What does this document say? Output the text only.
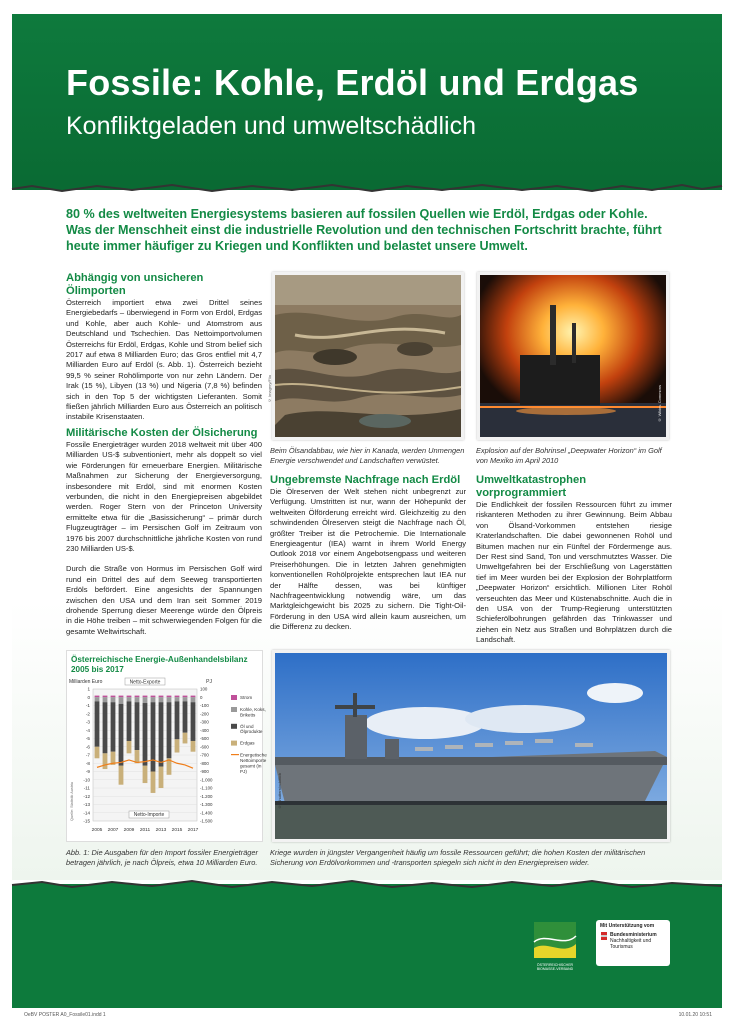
Fossile: Kohle, Erdöl und Erdgas
Konfliktgeladen und umweltschädlich
80 % des weltweiten Energiesystems basieren auf fossilen Quellen wie Erdöl, Erdgas oder Kohle. Was der Menschheit einst die industrielle Revolution und den technischen Fortschritt brachte, führt heute immer häufiger zu Kriegen und Konflikten und belastet unsere Umwelt.
Abhängig von unsicheren Ölimporten

Österreich importiert etwa zwei Drittel seines Energiebedarfs – überwiegend in Form von Erdöl, Erdgas und Kohle, aber auch Kohle- und Atomstrom aus Deutschland und Tschechien. Das Nettoimportvolumen Österreichs für Erdöl, Erdgas, Kohle und Strom belief sich 2017 auf etwa 8 Milliarden Euro; das Gros entfiel mit 4,7 Milliarden Euro auf Erdöl (s. Abb. 1). Österreich bezieht 99,5 % seiner Rohölimporte von nur zehn Ländern. Der Irak (15 %), Libyen (13 %) und Nigeria (7,8 %) befinden sich in den Top 5 der wichtigsten Lieferanten. Somit fließen jährlich Milliarden Euro aus Österreich an politisch instabile Krisenstaaten.

Militärische Kosten der Ölsicherung

Fossile Energieträger wurden 2018 weltweit mit über 400 Milliarden US-$ subventioniert, mehr als doppelt so viel wie Förderungen für erneuerbare Energien. Militärische Maßnahmen zur Sicherung der Energieversorgung, insbesondere mit Erdöl, sind mit enormen Kosten verbunden, die nicht in den Energiepreisen abgebildet werden. Roger Stern von der Princeton University ermittelte etwa für die „Basissicherung“ – primär durch Flugzeugträger – im Persischen Golf im Zeitraum von 1976 bis 2007 durchschnittliche jährliche Kosten von rund 230 Milliarden US-$.

Durch die Straße von Hormus im Persischen Golf wird rund ein Drittel des auf dem Seeweg transportierten Erdöls befördert. Eine angesichts der Spannungen zwischen den USA und dem Iran seit Sommer 2019 drohende Sperrung dieser Meerenge würde den Ölpreis in die Höhe treiben – mit schwerwiegenden Folgen für die gesamte Weltwirtschaft.

© Imagery/Flia
Beim Ölsandabbau, wie hier in Kanada, werden Unmengen Energie verschwendet und Landschaften verwüstet.
© Wikim. Commons
Explosion auf der Bohrinsel „Deepwater Horizon“ im Golf von Mexiko im April 2010
Ungebremste Nachfrage nach Erdöl

Die Ölreserven der Welt stehen nicht unbegrenzt zur Verfügung. Umstritten ist nur, wann der Höhepunkt der weltweiten Ölförderung erreicht wird. Gleichzeitig zu den schwindenden Ölreserven steigt die Nachfrage nach Öl, größter Treiber ist die Petrochemie. Die Internationale Energieagentur (IEA) warnt in ihrem World Energy Outlook 2018 vor einem Angebotsengpass und weiteren Preiserhöhungen. Die in letzten Jahren genehmigten konventionellen Rohölprojekte entsprechen laut IEA nur der Hälfte dessen, was bei künftiger Nachfrageentwicklung notwendig wäre, um das Marktgleichgewicht bis 2025 zu sichern. Die Tight-Oil-Förderung in den USA wird allein kaum ausreichen, um die Differenz zu decken.

Umweltkatastrophen vorprogrammiert

Die Endlichkeit der fossilen Ressourcen führt zu immer riskanteren Methoden zu ihrer Gewinnung. Beim Abbau von Ölsand-Vorkommen entstehen riesige Kraterlandschaften. Die dabei gewonnenen Rohöl und Bitumen machen nur ein Fünftel der Fördermenge aus. Der Rest sind Sand, Ton und verschmutztes Wasser. Die Umweltgefahren bei der Erschließung von Lagerstätten tief im Meer wurden bei der Explosion der Bohrplattform „Deepwater Horizon“ ersichtlich. Millionen Liter Rohöl verseuchten das Meer und Küstenabschnitte. Auch die in den USA von der Trump-Regierung unterstützten Schieferölbohrungen gefährden das Trinkwasser und ziehen ein Netz aus Straßen und Bohrplätzen durch die Landschaft.

Österreichische Energie-Außenhandelsbilanz 2005 bis 2017
Milliarden Euro	PJ
Netto-Exporte
1
0
-1
-2
-3
-4
-5
-6
-7
-8
-9
-10
-11
-12
-13
-14
-15
100
0
-100
-200
-300
-400
-500
-600
-700
-800
-900
-1.000
-1.100
-1.200
-1.300
-1.400
-1.500
2005 2007 2009 2011 2013 2015 2017
Netto-Importe
Strom
Kohle, Koks,
Briketts
Öl und
Ölprodukte
Erdgas
Energetische
Nettoimporte
gesamt (in
PJ)
Quelle: Statistik Austria
Abb. 1: Die Ausgaben für den Import fossiler Energieträger betragen jährlich, je nach Ölpreis, etwa 10 Milliarden Euro.
© Shutterstock/flick
Kriege wurden in jüngster Vergangenheit häufig um fossile Ressourcen geführt; die hohen Kosten der militärischen Sicherung von Erdölvorkommen und -transporten spiegeln sich nicht in den Energiepreisen wider.
ÖSTERREICHISCHER BIOMASSE-VERBAND
Mit Unterstützung vom
Bundesministerium
Nachhaltigkeit und
Tourismus
OeBV POSTER A0_Fossile01.indd 1	10.01.20 10:51
